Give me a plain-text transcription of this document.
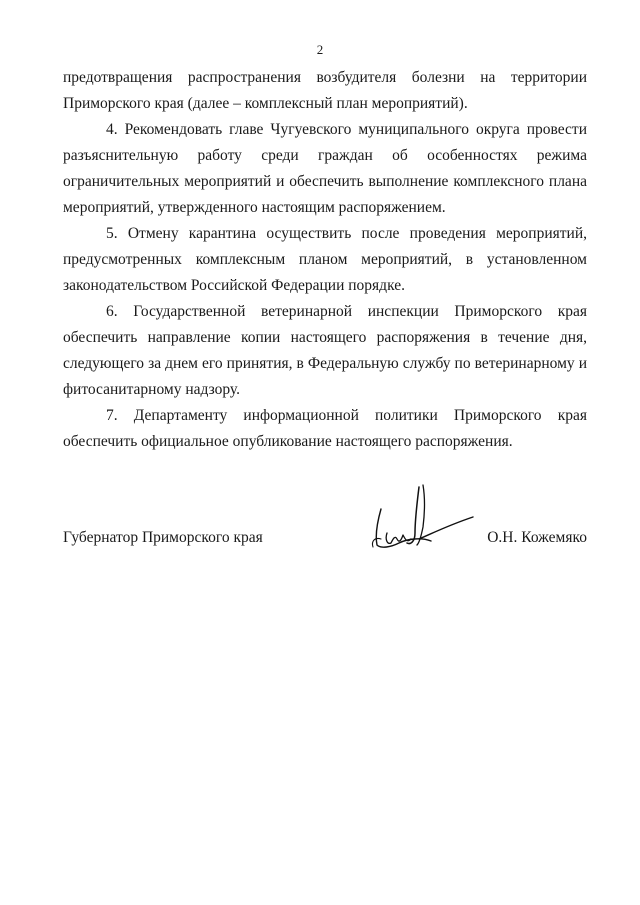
2

предотвращения распространения возбудителя болезни на территории Приморского края (далее – комплексный план мероприятий).

4. Рекомендовать главе Чугуевского муниципального округа провести разъяснительную работу среди граждан об особенностях режима ограничительных мероприятий и обеспечить выполнение комплексного плана мероприятий, утвержденного настоящим распоряжением.

5. Отмену карантина осуществить после проведения мероприятий, предусмотренных комплексным планом мероприятий, в установленном законодательством Российской Федерации порядке.

6. Государственной ветеринарной инспекции Приморского края обеспечить направление копии настоящего распоряжения в течение дня, следующего за днем его принятия, в Федеральную службу по ветеринарному и фитосанитарному надзору.

7. Департаменту информационной политики Приморского края обеспечить официальное опубликование настоящего распоряжения.

Губернатор Приморского края	О.Н. Кожемяко
